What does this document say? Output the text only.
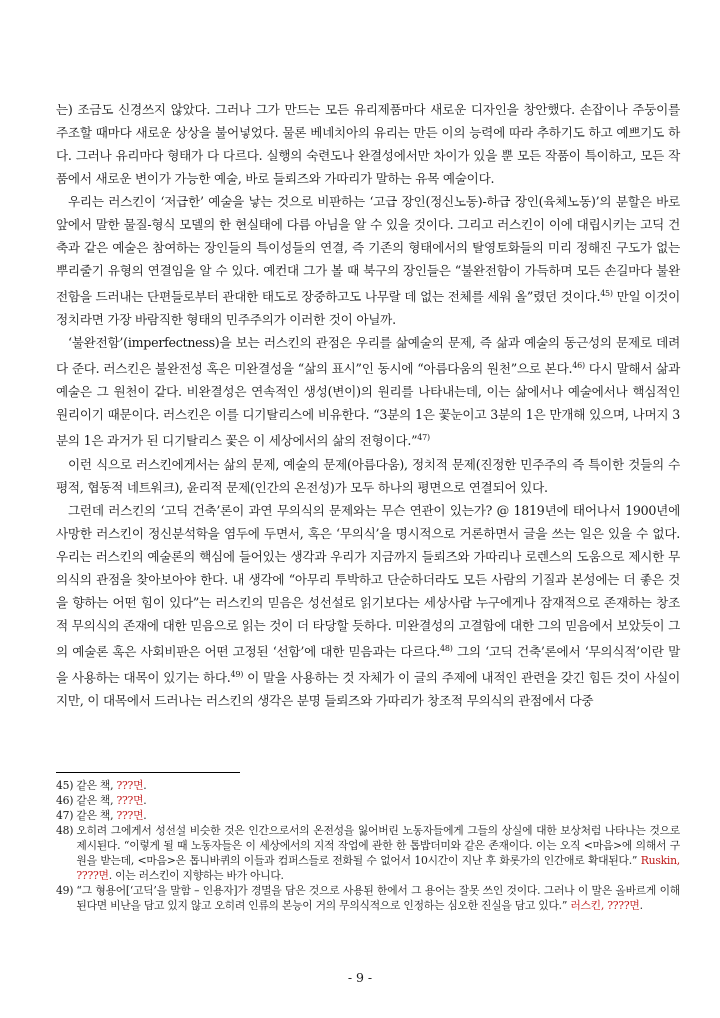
는) 조금도 신경쓰지 않았다. 그러나 그가 만드는 모든 유리제품마다 새로운 디자인을 창안했다. 손잡이나 주둥이를 주조할 때마다 새로운 상상을 불어넣었다. 물론 베네치아의 유리는 만든 이의 능력에 따라 추하기도 하고 예쁘기도 하다. 그러나 유리마다 형태가 다 다르다. 실행의 숙련도나 완결성에서만 차이가 있을 뿐 모든 작품이 특이하고, 모든 작품에서 새로운 변이가 가능한 예술, 바로 들뢰즈와 가따리가 말하는 유목 예술이다.

우리는 러스킨이 ‘저급한’ 예술을 낳는 것으로 비판하는 ‘고급 장인(정신노동)-하급 장인(육체노동)’의 분할은 바로 앞에서 말한 물질-형식 모델의 한 현실태에 다름 아님을 알 수 있을 것이다. 그리고 러스킨이 이에 대립시키는 고딕 건축과 같은 예술은 참여하는 장인들의 특이성들의 연결, 즉 기존의 형태에서의 탈영토화들의 미리 정해진 구도가 없는 뿌리줄기 유형의 연결임을 알 수 있다. 예컨대 그가 볼 때 북구의 장인들은 “불완전함이 가득하며 모든 손길마다 불완전함을 드러내는 단편들로부터 관대한 태도로 장중하고도 나무랄 데 없는 전체를 세워 올”렸던 것이다.$^{45)}$ 만일 이것이 정치라면 가장 바람직한 형태의 민주주의가 이러한 것이 아닐까.

‘불완전함’(imperfectness)을 보는 러스킨의 관점은 우리를 삶예술의 문제, 즉 삶과 예술의 동근성의 문제로 데려다 준다. 러스킨은 불완전성 혹은 미완결성을 “삶의 표시”인 동시에 “아름다움의 원천”으로 본다.$^{46)}$ 다시 말해서 삶과 예술은 그 원천이 같다. 비완결성은 연속적인 생성(변이)의 원리를 나타내는데, 이는 삶에서나 예술에서나 핵심적인 원리이기 때문이다. 러스킨은 이를 디기탈리스에 비유한다. “3분의 1은 꽃눈이고 3분의 1은 만개해 있으며, 나머지 3분의 1은 과거가 된 디기탈리스 꽃은 이 세상에서의 삶의 전형이다.”$^{47)}$

이런 식으로 러스킨에게서는 삶의 문제, 예술의 문제(아름다움), 정치적 문제(진정한 민주주의 즉 특이한 것들의 수평적, 협동적 네트워크), 윤리적 문제(인간의 온전성)가 모두 하나의 평면으로 연결되어 있다.

그런데 러스킨의 ‘고딕 건축’론이 과연 무의식의 문제와는 무슨 연관이 있는가? @ 1819년에 태어나서 1900년에 사망한 러스킨이 정신분석학을 염두에 두면서, 혹은 ‘무의식’을 명시적으로 거론하면서 글을 쓰는 일은 있을 수 없다. 우리는 러스킨의 예술론의 핵심에 들어있는 생각과 우리가 지금까지 들뢰즈와 가따리나 로렌스의 도움으로 제시한 무의식의 관점을 찾아보아야 한다. 내 생각에 “아무리 투박하고 단순하더라도 모든 사람의 기질과 본성에는 더 좋은 것을 향하는 어떤 힘이 있다”는 러스킨의 믿음은 성선설로 읽기보다는 세상사람 누구에게나 잠재적으로 존재하는 창조적 무의식의 존재에 대한 믿음으로 읽는 것이 더 타당할 듯하다. 미완결성의 고결함에 대한 그의 믿음에서 보았듯이 그의 예술론 혹은 사회비판은 어떤 고정된 ‘선함’에 대한 믿음과는 다르다.$^{48)}$ 그의 ‘고딕 건축’론에서 ‘무의식적’이란 말을 사용하는 대목이 있기는 하다.$^{49)}$ 이 말을 사용하는 것 자체가 이 글의 주제에 내적인 관련을 갖긴 힘든 것이 사실이지만, 이 대목에서 드러나는 러스킨의 생각은 분명 들뢰즈와 가따리가 창조적 무의식의 관점에서 다중

45) 같은 책, ???면.
46) 같은 책, ???면.
47) 같은 책, ???면.
48) 오히려 그에게서 성선설 비슷한 것은 인간으로서의 온전성을 잃어버린 노동자들에게 그들의 상실에 대한 보상처럼 나타나는 것으로 제시된다. “이렇게 될 때 노동자들은 이 세상에서의 지적 작업에 관한 한 톱밥더미와 같은 존재이다. 이는 오직 <마음>에 의해서 구원을 받는데, <마음>은 톱니바퀴의 이들과 컴퍼스들로 전화될 수 없어서 10시간이 지난 후 화롯가의 인간애로 확대된다.” Ruskin, ????면. 이는 러스킨이 지향하는 바가 아니다.
49) “그 형용어[‘고딕’을 말함 – 인용자]가 경멸을 담은 것으로 사용된 한에서 그 용어는 잘못 쓰인 것이다. 그러나 이 말은 올바르게 이해된다면 비난을 담고 있지 않고 오히려 인류의 본능이 거의 무의식적으로 인정하는 심오한 진실을 담고 있다.” 러스킨, ????면.
- 9 -
